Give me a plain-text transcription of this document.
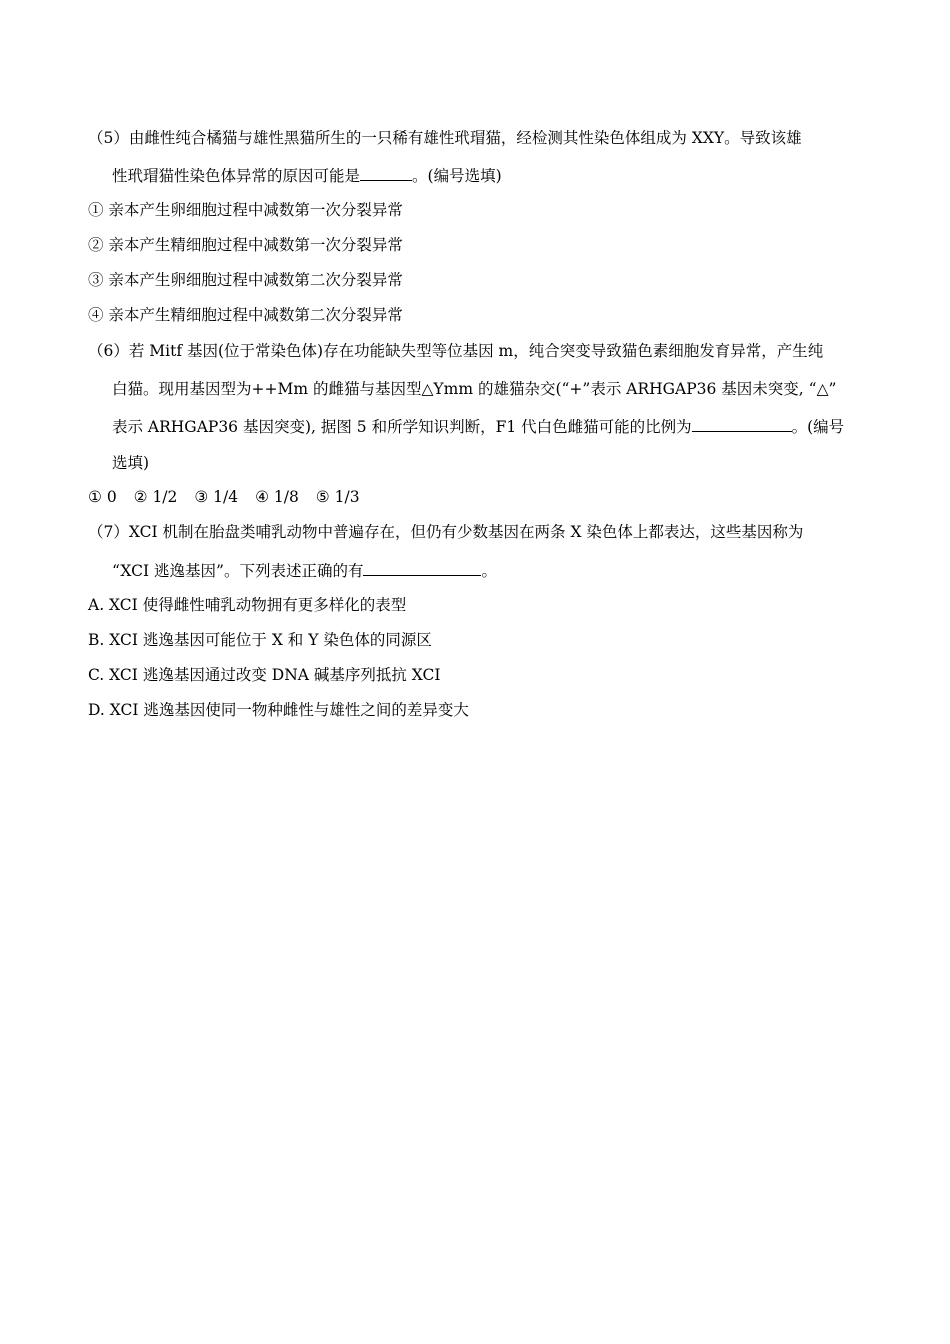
（5）由雌性纯合橘猫与雄性黑猫所生的一只稀有雄性玳瑁猫，经检测其性染色体组成为 XXY。导致该雄
性玳瑁猫性染色体异常的原因可能是	。(编号选填)
① 亲本产生卵细胞过程中减数第一次分裂异常
② 亲本产生精细胞过程中减数第一次分裂异常
③ 亲本产生卵细胞过程中减数第二次分裂异常
④ 亲本产生精细胞过程中减数第二次分裂异常
（6）若 Mitf 基因(位于常染色体)存在功能缺失型等位基因 m，纯合突变导致猫色素细胞发育异常，产生纯
白猫。现用基因型为++Mm 的雌猫与基因型△Ymm 的雄猫杂交(“+”表示 ARHGAP36 基因未突变, “△”
表示 ARHGAP36 基因突变), 据图 5 和所学知识判断，F1 代白色雌猫可能的比例为	。(编号
选填)
① 0 ② 1/2 ③ 1/4 ④ 1/8 ⑤ 1/3
（7）XCI 机制在胎盘类哺乳动物中普遍存在，但仍有少数基因在两条 X 染色体上都表达，这些基因称为
“XCI 逃逸基因”。下列表述正确的有	。
A. XCI 使得雌性哺乳动物拥有更多样化的表型
B. XCI 逃逸基因可能位于 X 和 Y 染色体的同源区
C. XCI 逃逸基因通过改变 DNA 碱基序列抵抗 XCI
D. XCI 逃逸基因使同一物种雌性与雄性之间的差异变大
